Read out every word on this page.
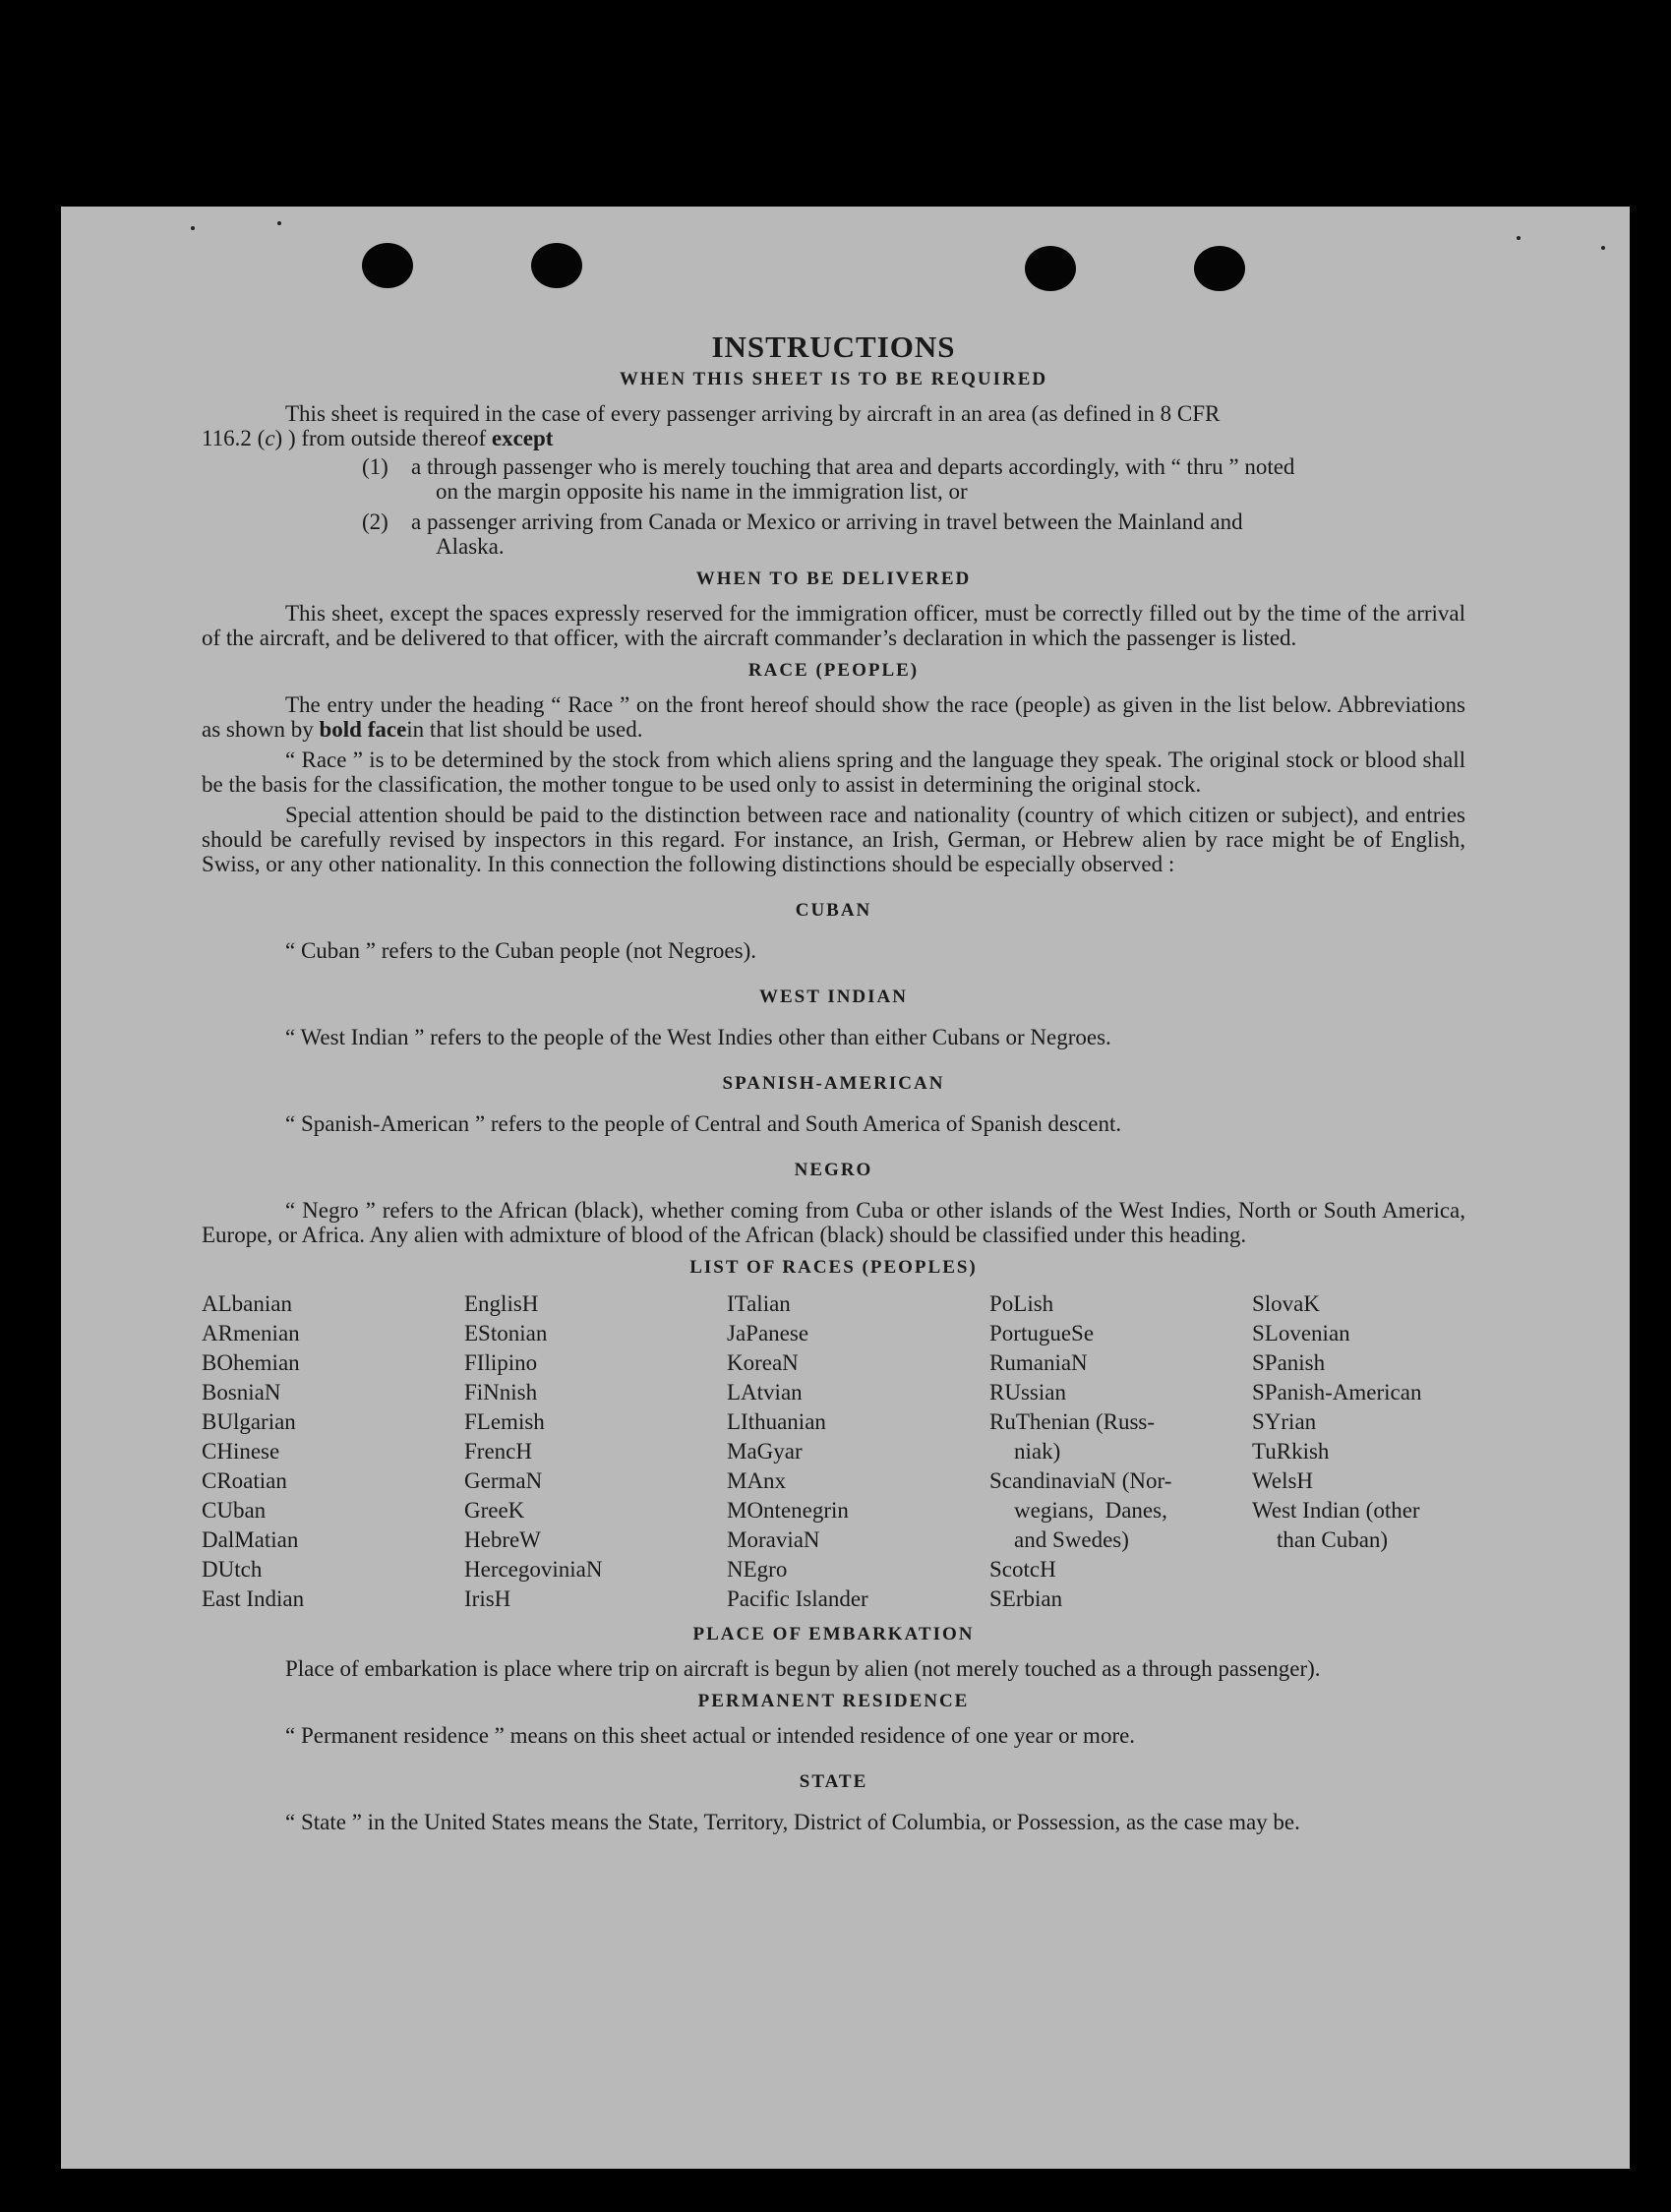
INSTRUCTIONS
WHEN THIS SHEET IS TO BE REQUIRED

This sheet is required in the case of every passenger arriving by aircraft in an area (as defined in 8 CFR

116.2 (c) ) from outside thereof except

(1)	a through passenger who is merely touching that area and departs accordingly, with “ thru ” noted
on the margin opposite his name in the immigration list, or
(2)	a passenger arriving from Canada or Mexico or arriving in travel between the Mainland and
Alaska.
WHEN TO BE DELIVERED

This sheet, except the spaces expressly reserved for the immigration officer, must be correctly filled out by the time of the arrival of the aircraft, and be delivered to that officer, with the aircraft commander’s declaration in which the passenger is listed.

RACE (PEOPLE)

The entry under the heading “ Race ” on the front hereof should show the race (people) as given in the list below. Abbreviations as shown by bold facein that list should be used.

“ Race ” is to be determined by the stock from which aliens spring and the language they speak. The original stock or blood shall be the basis for the classification, the mother tongue to be used only to assist in determining the original stock.

Special attention should be paid to the distinction between race and nationality (country of which citizen or subject), and entries should be carefully revised by inspectors in this regard. For instance, an Irish, German, or Hebrew alien by race might be of English, Swiss, or any other nationality. In this connection the following distinctions should be especially observed :

CUBAN

“ Cuban ” refers to the Cuban people (not Negroes).

WEST INDIAN

“ West Indian ” refers to the people of the West Indies other than either Cubans or Negroes.

SPANISH-AMERICAN

“ Spanish-American ” refers to the people of Central and South America of Spanish descent.

NEGRO

“ Negro ” refers to the African (black), whether coming from Cuba or other islands of the West Indies, North or South America, Europe, or Africa. Any alien with admixture of blood of the African (black) should be classified under this heading.

LIST OF RACES (PEOPLES)
ALbanian
ARmenian
BOhemian
BosniaN
BUlgarian
CHinese
CRoatian
CUban
DalMatian
DUtch
East Indian
EnglisH
EStonian
FIlipino
FiNnish
FLemish
FrencH
GermaN
GreeK
HebreW
HercegoviniaN
IrisH
ITalian
JaPanese
KoreaN
LAtvian
LIthuanian
MaGyar
MAnx
MOntenegrin
MoraviaN
NEgro
Pacific Islander
PoLish
PortugueSe
RumaniaN
RUssian
RuThenian (Russ-
niak)
ScandinaviaN (Nor-
wegians,  Danes,
and Swedes)
ScotcH
SErbian
SlovaK
SLovenian
SPanish
SPanish-American
SYrian
TuRkish
WelsH
West Indian (other
than Cuban)
PLACE OF EMBARKATION

Place of embarkation is place where trip on aircraft is begun by alien (not merely touched as a through passenger).

PERMANENT RESIDENCE

“ Permanent residence ” means on this sheet actual or intended residence of one year or more.

STATE

“ State ” in the United States means the State, Territory, District of Columbia, or Possession, as the case may be.
